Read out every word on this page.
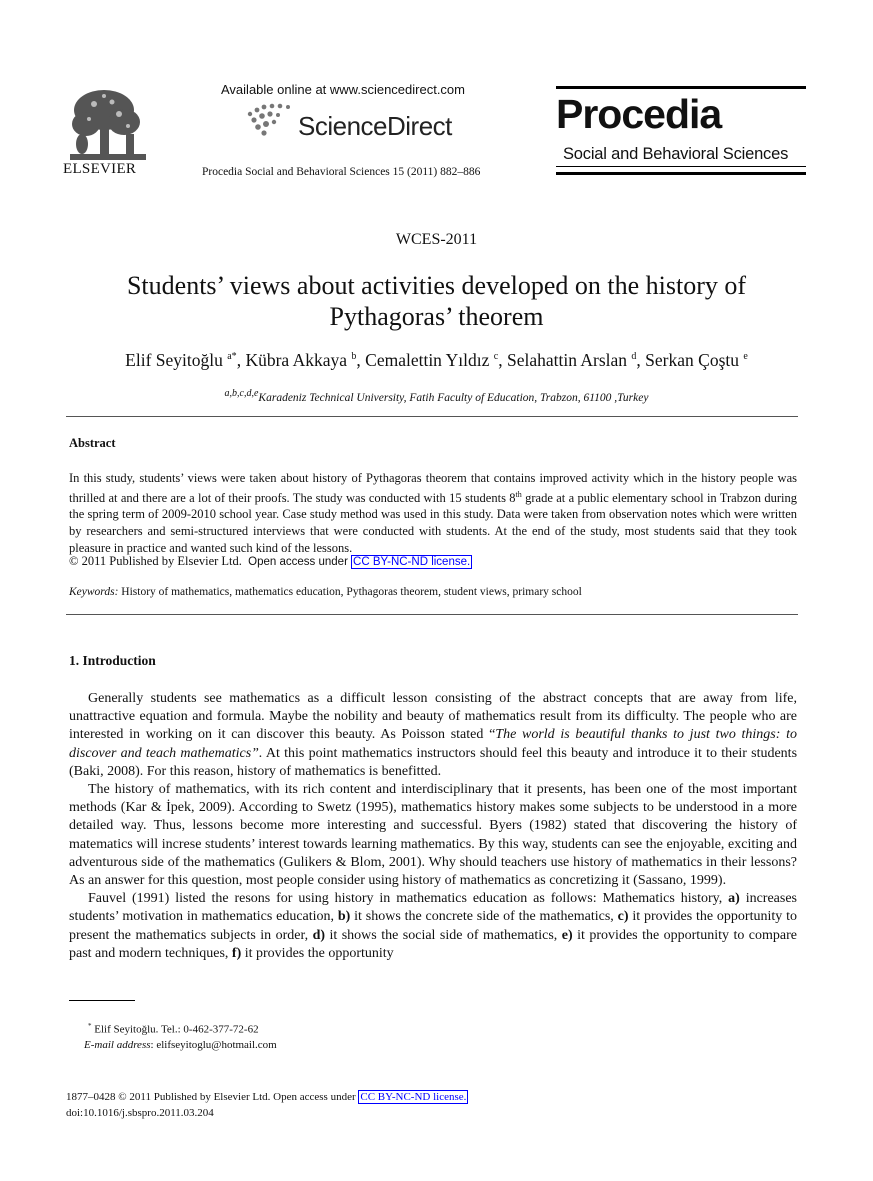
Available online at www.sciencedirect.com
ScienceDirect
Procedia Social and Behavioral Sciences 15 (2011) 882–886
ELSEVIER
Procedia
Social and Behavioral Sciences
WCES-2011
Students’ views about activities developed on the history of
Pythagoras’ theorem
Elif Seyitoğlu $^{a*}$, Kübra Akkaya $^b$, Cemalettin Yıldız $^c$, Selahattin Arslan $^d$, Serkan Çoştu $^e$
$^{a,b,c,d,e}$Karadeniz Technical University, Fatih Faculty of Education, Trabzon, 61100 ,Turkey
Abstract
In this study, students’ views were taken about history of Pythagoras theorem that contains improved activity which in the history people was thrilled at and there are a lot of their proofs. The study was conducted with 15 students 8th grade at a public elementary school in Trabzon during the spring term of 2009-2010 school year. Case study method was used in this study. Data were taken from observation notes which were written by researchers and semi-structured interviews that were conducted with students. At the end of the study, most students said that they took pleasure in practice and wanted such kind of the lessons.
© 2011 Published by Elsevier Ltd. Open access under CC BY-NC-ND license.
Keywords: History of mathematics, mathematics education, Pythagoras theorem, student views, primary school
1. Introduction

Generally students see mathematics as a difficult lesson consisting of the abstract concepts that are away from life, unattractive equation and formula. Maybe the nobility and beauty of mathematics result from its difficulty. The people who are interested in working on it can discover this beauty. As Poisson stated “The world is beautiful thanks to just two things: to discover and teach mathematics”. At this point mathematics instructors should feel this beauty and introduce it to their students (Baki, 2008). For this reason, history of mathematics is benefitted.

The history of mathematics, with its rich content and interdisciplinary that it presents, has been one of the most important methods (Kar & İpek, 2009). According to Swetz (1995), mathematics history makes some subjects to be understood in a more detailed way. Thus, lessons become more interesting and successful. Byers (1982) stated that discovering the history of matematics will increse students’ interest towards learning mathematics. By this way, students can see the enjoyable, exciting and adventurous side of the mathematics (Gulikers & Blom, 2001). Why should teachers use history of mathematics in their lessons? As an answer for this question, most people consider using history of mathematics as concretizing it (Sassano, 1999).

Fauvel (1991) listed the resons for using history in mathematics education as follows: Mathematics history, a) increases students’ motivation in mathematics education, b) it shows the concrete side of the mathematics, c) it provides the opportunity to present the mathematics subjects in order, d) it shows the social side of mathematics, e) it provides the opportunity to compare past and modern techniques, f) it provides the opportunity

* Elif Seyitoğlu. Tel.: 0-462-377-72-62
E-mail address: elifseyitoglu@hotmail.com
1877–0428 © 2011 Published by Elsevier Ltd. Open access under CC BY-NC-ND license.
doi:10.1016/j.sbspro.2011.03.204
